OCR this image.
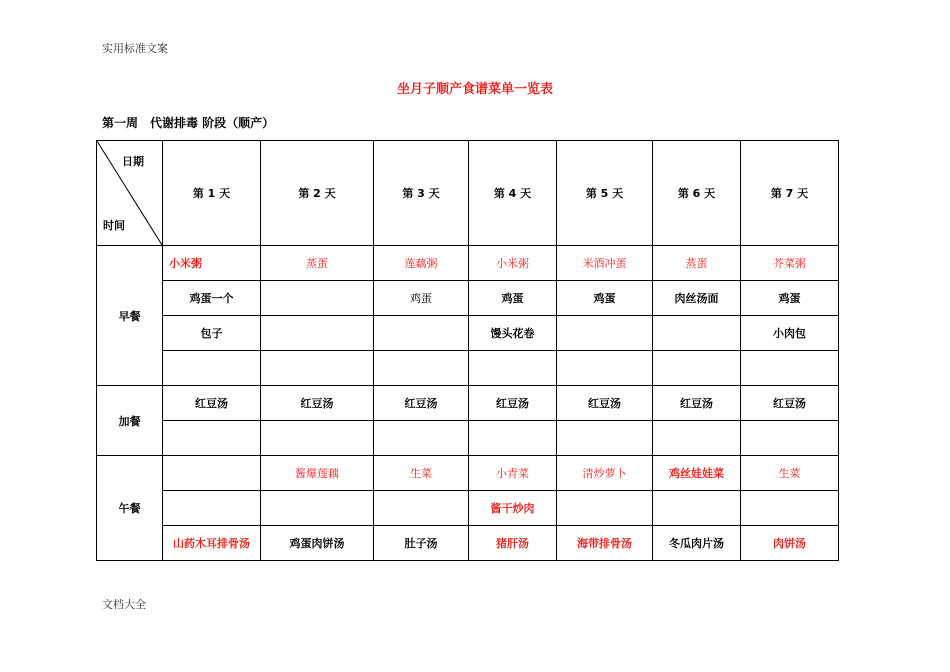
实用标准文案
坐月子顺产食谱菜单一览表
第一周　代谢排毒 阶段（顺产）
日期
时间	第 1 天	第 2 天	第 3 天	第 4 天	第 5 天	第 6 天	第 7 天
早餐	小米粥	蒸蛋	莲藕粥	小米粥	米酒冲蛋	蒸蛋	芥菜粥
	鸡蛋一个		鸡蛋	鸡蛋	鸡蛋	肉丝汤面	鸡蛋
	包子			馒头花卷			小肉包

加餐	红豆汤	红豆汤	红豆汤	红豆汤	红豆汤	红豆汤	红豆汤

午餐		酱爆莲藕	生菜	小青菜	清炒萝卜	鸡丝娃娃菜	生菜
				酱干炒肉			
	山药木耳排骨汤	鸡蛋肉饼汤	肚子汤	猪肝汤	海带排骨汤	冬瓜肉片汤	肉饼汤
文档大全
